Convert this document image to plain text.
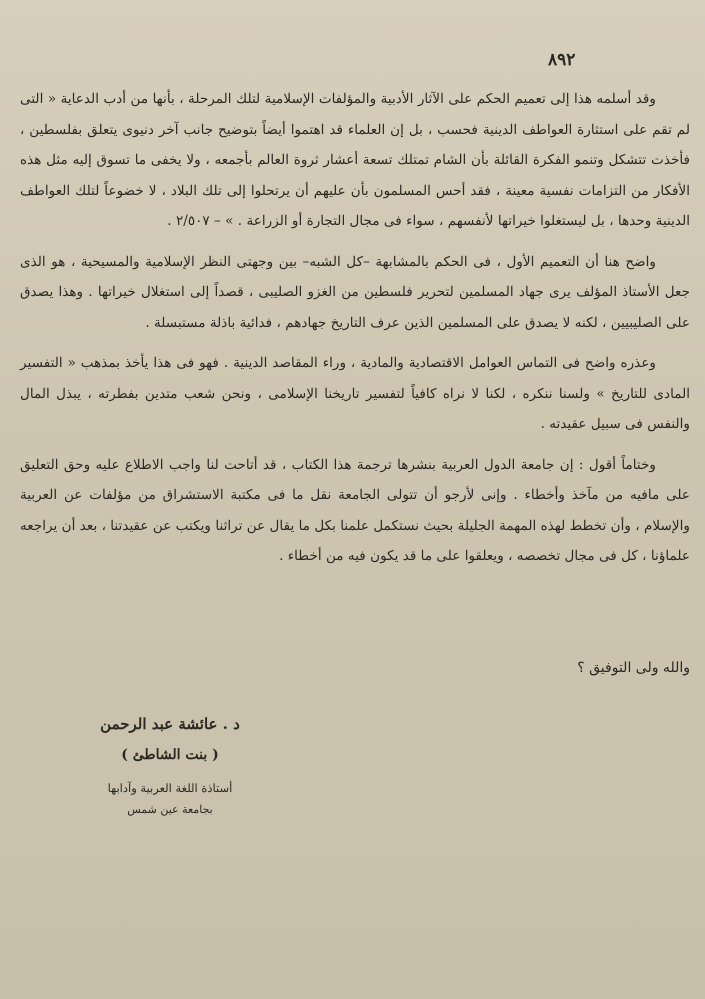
٨٩٢

وقد أسلمه هذا إلى تعميم الحكم على الآثار الأدبية والمؤلفات الإسلامية لتلك المرحلة ، بأنها من أدب الدعاية « التى لم تقم على استثارة العواطف الدينية فحسب ، بل إن العلماء قد اهتموا أيضاً بتوضيح جانب آخر دنيوى يتعلق بفلسطين ، فأخذت تتشكل وتنمو الفكرة القائلة بأن الشام تمتلك تسعة أعشار ثروة العالم بأجمعه ، ولا يخفى ما تسوق إليه مثل هذه الأفكار من التزامات نفسية معينة ، فقد أحس المسلمون بأن عليهم أن يرتحلوا إلى تلك البلاد ، لا خضوعاً لتلك العواطف الدينية وحدها ، بل ليستغلوا خيراتها لأنفسهم ، سواء فى مجال التجارة أو الزراعة . » – ٢/٥٠٧ .

واضح هنا أن التعميم الأول ، فى الحكم بالمشابهة –كل الشبه– بين وجهتى النظر الإسلامية والمسيحية ، هو الذى جعل الأستاذ المؤلف يرى جهاد المسلمين لتحرير فلسطين من الغزو الصليبى ، قصداً إلى استغلال خيراتها . وهذا يصدق على الصليبيين ، لكنه لا يصدق على المسلمين الذين عرف التاريخ جهادهم ، فدائية باذلة مستبسلة .

وعذره واضح فى التماس العوامل الاقتصادية والمادية ، وراء المقاصد الدينية . فهو فى هذا يأخذ بمذهب « التفسير المادى للتاريخ » ولسنا ننكره ، لكنا لا نراه كافياً لتفسير تاريخنا الإسلامى ، ونحن شعب متدين بفطرته ، يبذل المال والنفس فى سبيل عقيدته .

وختاماً أقول : إن جامعة الدول العربية بنشرها ترجمة هذا الكتاب ، قد أتاحت لنا واجب الاطلاع عليه وحق التعليق على مافيه من مآخذ وأخطاء . وإنى لأرجو أن تتولى الجامعة نقل ما فى مكتبة الاستشراق من مؤلفات عن العربية والإسلام ، وأن تخطط لهذه المهمة الجليلة بحيث نستكمل علمنا بكل ما يقال عن تراثنا ويكتب عن عقيدتنا ، بعد أن يراجعه علماؤنا ، كل فى مجال تخصصه ، ويعلقوا على ما قد يكون فيه من أخطاء .

والله ولى التوفيق ؟
د . عائشة عبد الرحمن
( بنت الشاطئ )
أستاذة اللغة العربية وآدابها
بجامعة عين شمس
